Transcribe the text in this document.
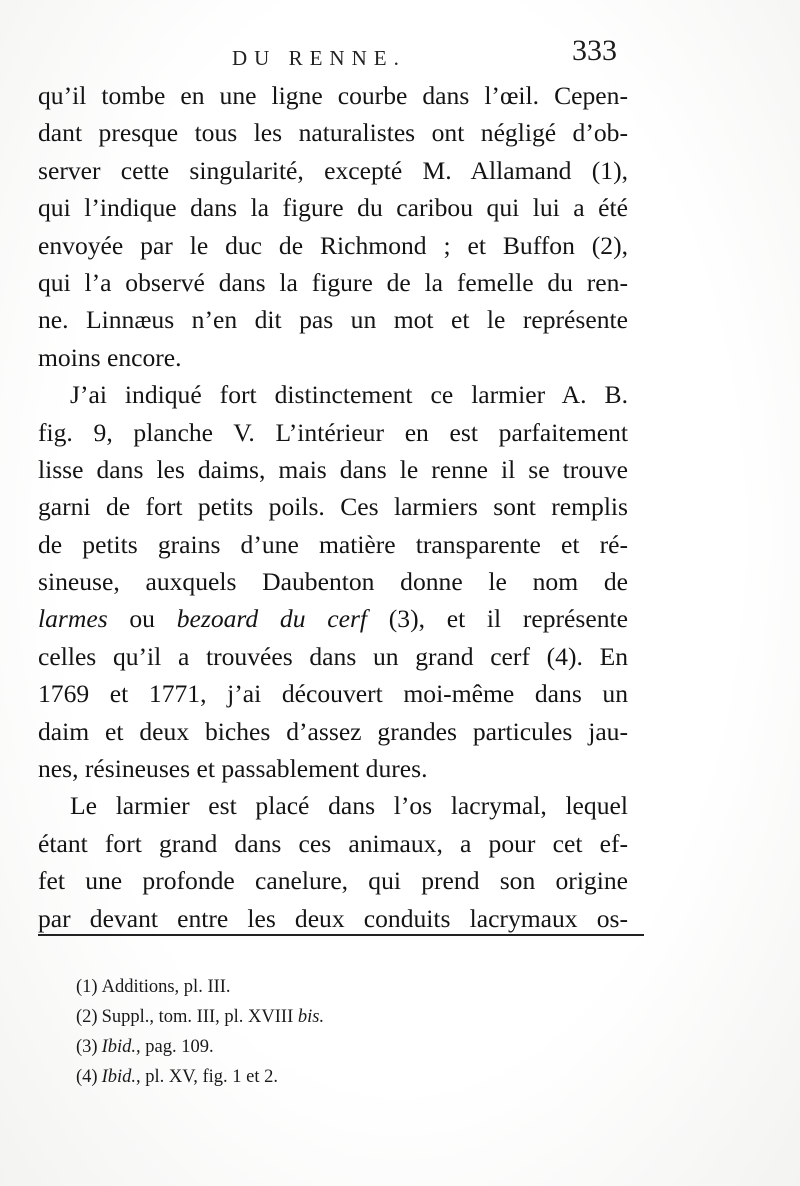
DU RENNE.	333
qu’il tombe en une ligne courbe dans l’œil. Cepen-
dant presque tous les naturalistes ont négligé d’ob-
server cette singularité, excepté M. Allamand (1),
qui l’indique dans la figure du caribou qui lui a été
envoyée par le duc de Richmond ; et Buffon (2),
qui l’a observé dans la figure de la femelle du ren-
ne. Linnæus n’en dit pas un mot et le représente
moins encore.
J’ai indiqué fort distinctement ce larmier A. B.
fig. 9, planche V. L’intérieur en est parfaitement
lisse dans les daims, mais dans le renne il se trouve
garni de fort petits poils. Ces larmiers sont remplis
de petits grains d’une matière transparente et ré-
sineuse, auxquels Daubenton donne le nom de
larmes ou bezoard du cerf (3), et il représente
celles qu’il a trouvées dans un grand cerf (4). En
1769 et 1771, j’ai découvert moi-même dans un
daim et deux biches d’assez grandes particules jau-
nes, résineuses et passablement dures.
Le larmier est placé dans l’os lacrymal, lequel
étant fort grand dans ces animaux, a pour cet ef-
fet une profonde canelure, qui prend son origine
par devant entre les deux conduits lacrymaux os-
(1) Additions, pl. III.
(2) Suppl., tom. III, pl. XVIII bis.
(3) Ibid., pag. 109.
(4) Ibid., pl. XV, fig. 1 et 2.
